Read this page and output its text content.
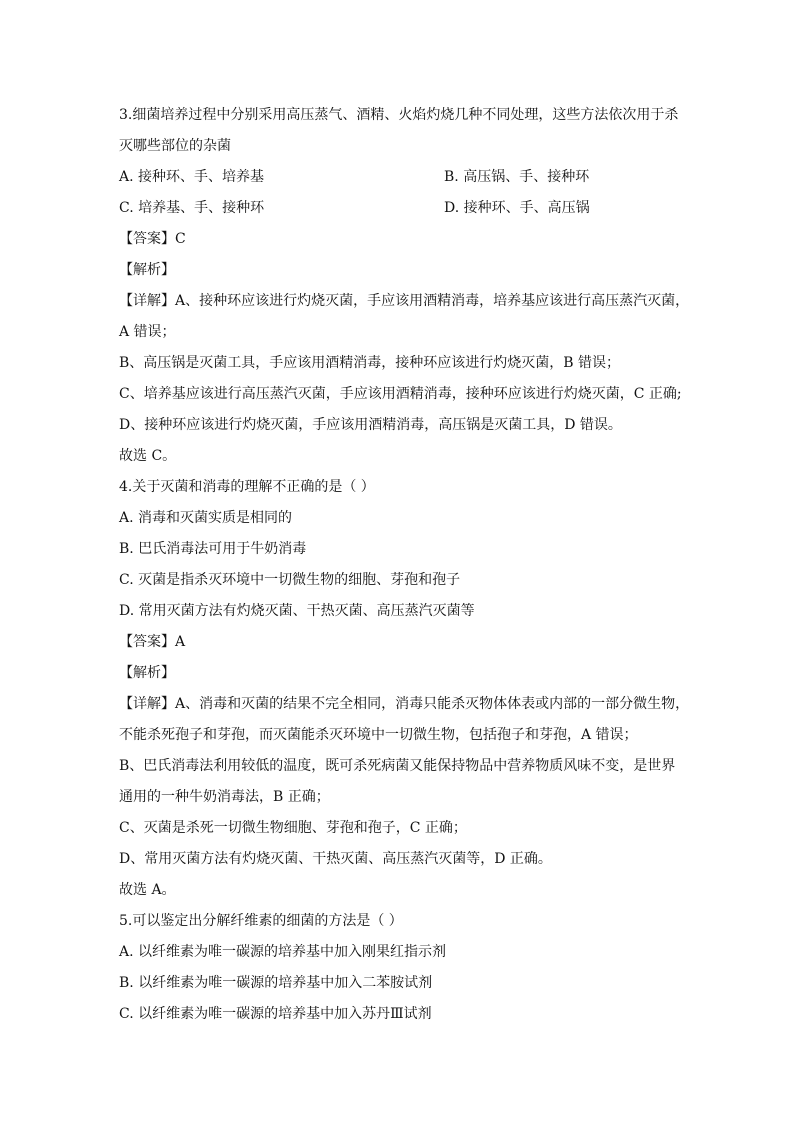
3.细菌培养过程中分别采用高压蒸气、酒精、火焰灼烧几种不同处理，这些方法依次用于杀
灭哪些部位的杂菌
A. 接种环、手、培养基	B. 高压锅、手、接种环
C. 培养基、手、接种环	D. 接种环、手、高压锅
【答案】C
【解析】
【详解】A、接种环应该进行灼烧灭菌，手应该用酒精消毒，培养基应该进行高压蒸汽灭菌，
A 错误；
B、高压锅是灭菌工具，手应该用酒精消毒，接种环应该进行灼烧灭菌，B 错误；
C、培养基应该进行高压蒸汽灭菌，手应该用酒精消毒，接种环应该进行灼烧灭菌，C 正确;
D、接种环应该进行灼烧灭菌，手应该用酒精消毒，高压锅是灭菌工具，D 错误。
故选 C。
4.关于灭菌和消毒的理解不正确的是（ ）
A. 消毒和灭菌实质是相同的
B. 巴氏消毒法可用于牛奶消毒
C. 灭菌是指杀灭环境中一切微生物的细胞、芽孢和孢子
D. 常用灭菌方法有灼烧灭菌、干热灭菌、高压蒸汽灭菌等
【答案】A
【解析】
【详解】A、消毒和灭菌的结果不完全相同，消毒只能杀灭物体体表或内部的一部分微生物，
不能杀死孢子和芽孢，而灭菌能杀灭环境中一切微生物，包括孢子和芽孢，A 错误；
B、巴氏消毒法利用较低的温度，既可杀死病菌又能保持物品中营养物质风味不变，是世界
通用的一种牛奶消毒法，B 正确；
C、灭菌是杀死一切微生物细胞、芽孢和孢子，C 正确；
D、常用灭菌方法有灼烧灭菌、干热灭菌、高压蒸汽灭菌等，D 正确。
故选 A。
5.可以鉴定出分解纤维素的细菌的方法是（ ）
A. 以纤维素为唯一碳源的培养基中加入刚果红指示剂
B. 以纤维素为唯一碳源的培养基中加入二苯胺试剂
C. 以纤维素为唯一碳源的培养基中加入苏丹Ⅲ试剂
